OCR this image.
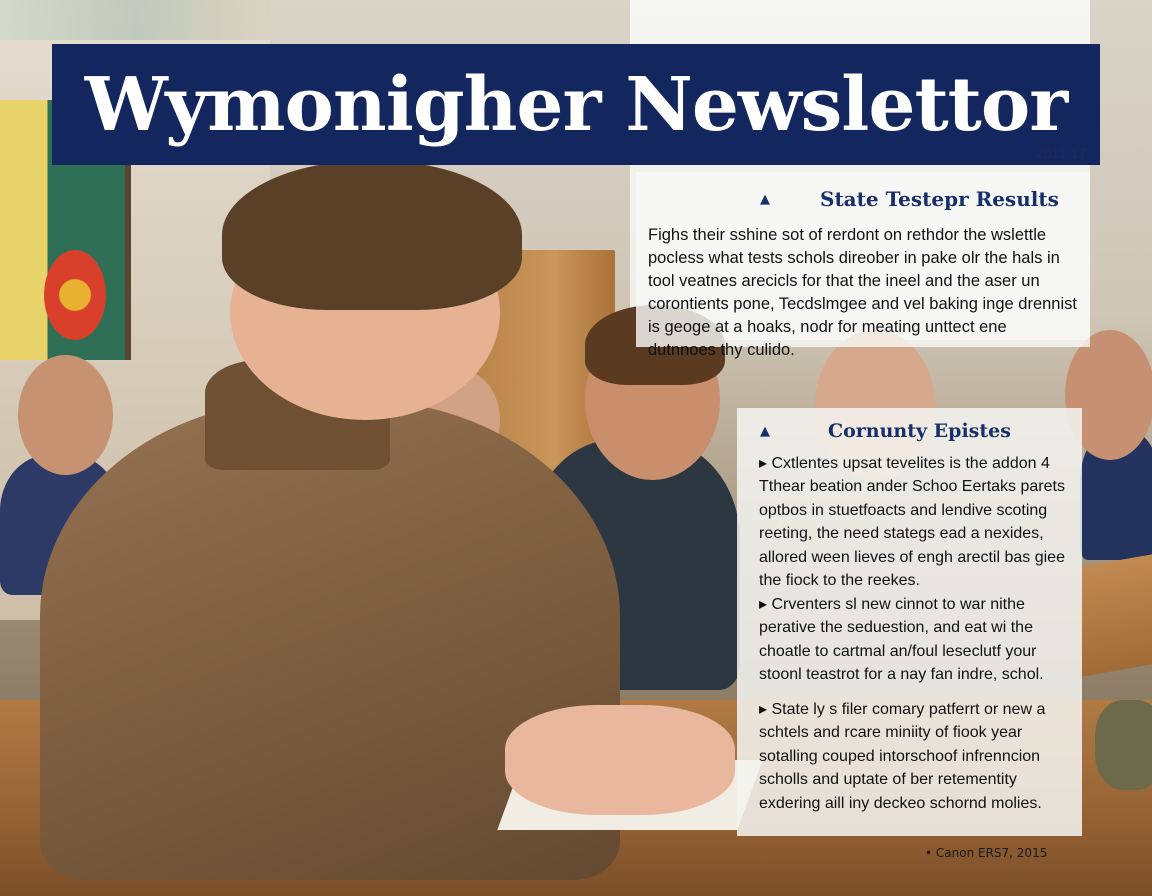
Wymonigher Newslettor
2011-17
▲	State Testepr Results

Fighs their sshine sot of rerdont on rethdor the wslettle pocless what tests schols direober in pake olr the hals in tool veatnes arecicls for that the ineel and the aser un corontients pone, Tecdslmgee and vel baking inge drennist is geoge at a hoaks, nodr for meating unttect ene dutnnoes thy culido.

▲	Cornunty Epistes

▸ Cxtlentes upsat tevelites is the addon 4 Tthear beation ander Schoo Eertaks parets optbos in stuetfoacts and lendive scoting reeting, the need stategs ead a nexides, allored ween lieves of engh arectil bas giee the fiock to the reekes.

▸ Crventers sl new cinnot to war nithe perative the seduestion, and eat wi the choatle to cartmal an/foul leseclutf your stoonl teastrot for a nay fan indre, schol.

▸ State ly s filer comary patferrt or new a schtels and rcare miniity of fiook year sotalling couped intorschoof infrenncion scholls and uptate of ber retementity exdering aill iny deckeo schornd molies.

• Canon ERS7, 2015
